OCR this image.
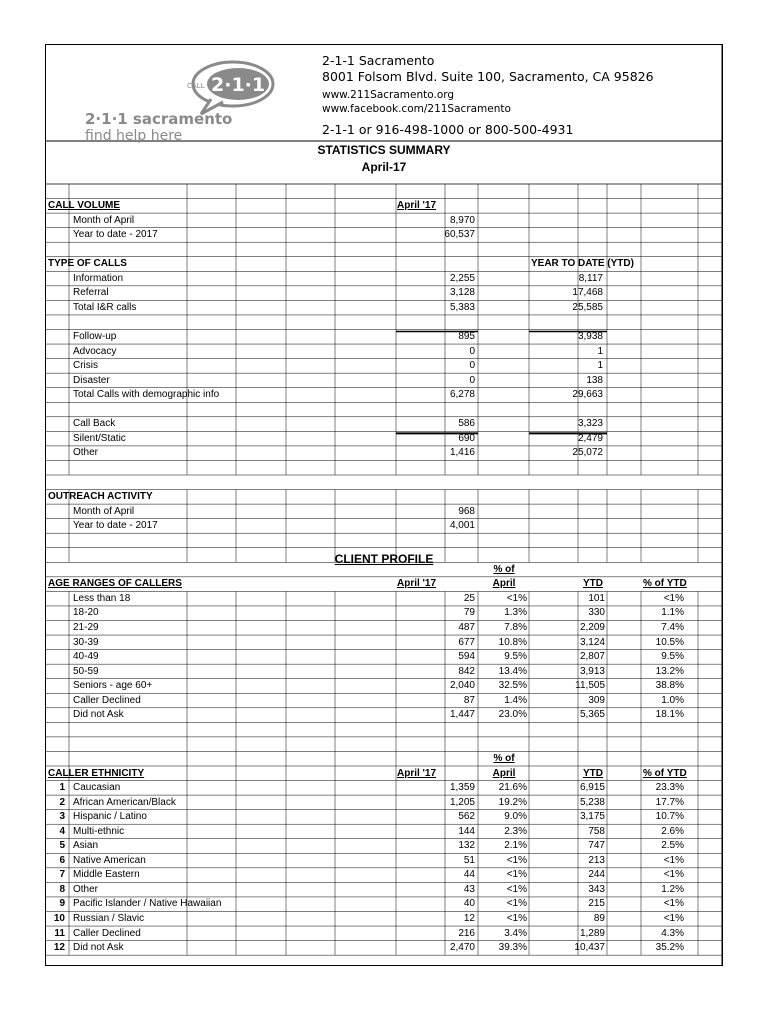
CALL 2·1·1
2·1·1 sacramento
find help here
2-1-1 Sacramento
8001 Folsom Blvd. Suite 100, Sacramento, CA 95826
www.211Sacramento.org
www.facebook.com/211Sacramento
2-1-1 or 916-498-1000 or 800-500-4931
STATISTICS SUMMARY
April-17
CLIENT PROFILE
CALL VOLUME	April '17
Month of April	8,970
Year to date - 2017	60,537
TYPE OF CALLS	YEAR TO DATE (YTD)
Information	2,255	8,117
Referral	3,128	17,468
Total I&R calls	5,383	25,585
Follow-up	895	3,938
Advocacy	0	1
Crisis	0	1
Disaster	0	138
Total Calls with demographic info	6,278	29,663
Call Back	586	3,323
Silent/Static	690	2,479
Other	1,416	25,072
OUTREACH ACTIVITY
Month of April	968
Year to date - 2017	4,001
% of
AGE RANGES OF CALLERS	April '17	April	YTD	% of YTD
Less than 18	25	<1%	101	<1%
18-20	79	1.3%	330	1.1%
21-29	487	7.8%	2,209	7.4%
30-39	677	10.8%	3,124	10.5%
40-49	594	9.5%	2,807	9.5%
50-59	842	13.4%	3,913	13.2%
Seniors - age 60+	2,040	32.5%	11,505	38.8%
Caller Declined	87	1.4%	309	1.0%
Did not Ask	1,447	23.0%	5,365	18.1%
% of
CALLER ETHNICITY	April '17	April	YTD	% of YTD
1 Caucasian	1,359	21.6%	6,915	23.3%
2 African American/Black	1,205	19.2%	5,238	17.7%
3 Hispanic / Latino	562	9.0%	3,175	10.7%
4 Multi-ethnic	144	2.3%	758	2.6%
5 Asian	132	2.1%	747	2.5%
6 Native American	51	<1%	213	<1%
7 Middle Eastern	44	<1%	244	<1%
8 Other	43	<1%	343	1.2%
9 Pacific Islander / Native Hawaiian	40	<1%	215	<1%
10 Russian / Slavic	12	<1%	89	<1%
11 Caller Declined	216	3.4%	1,289	4.3%
12 Did not Ask	2,470	39.3%	10,437	35.2%
